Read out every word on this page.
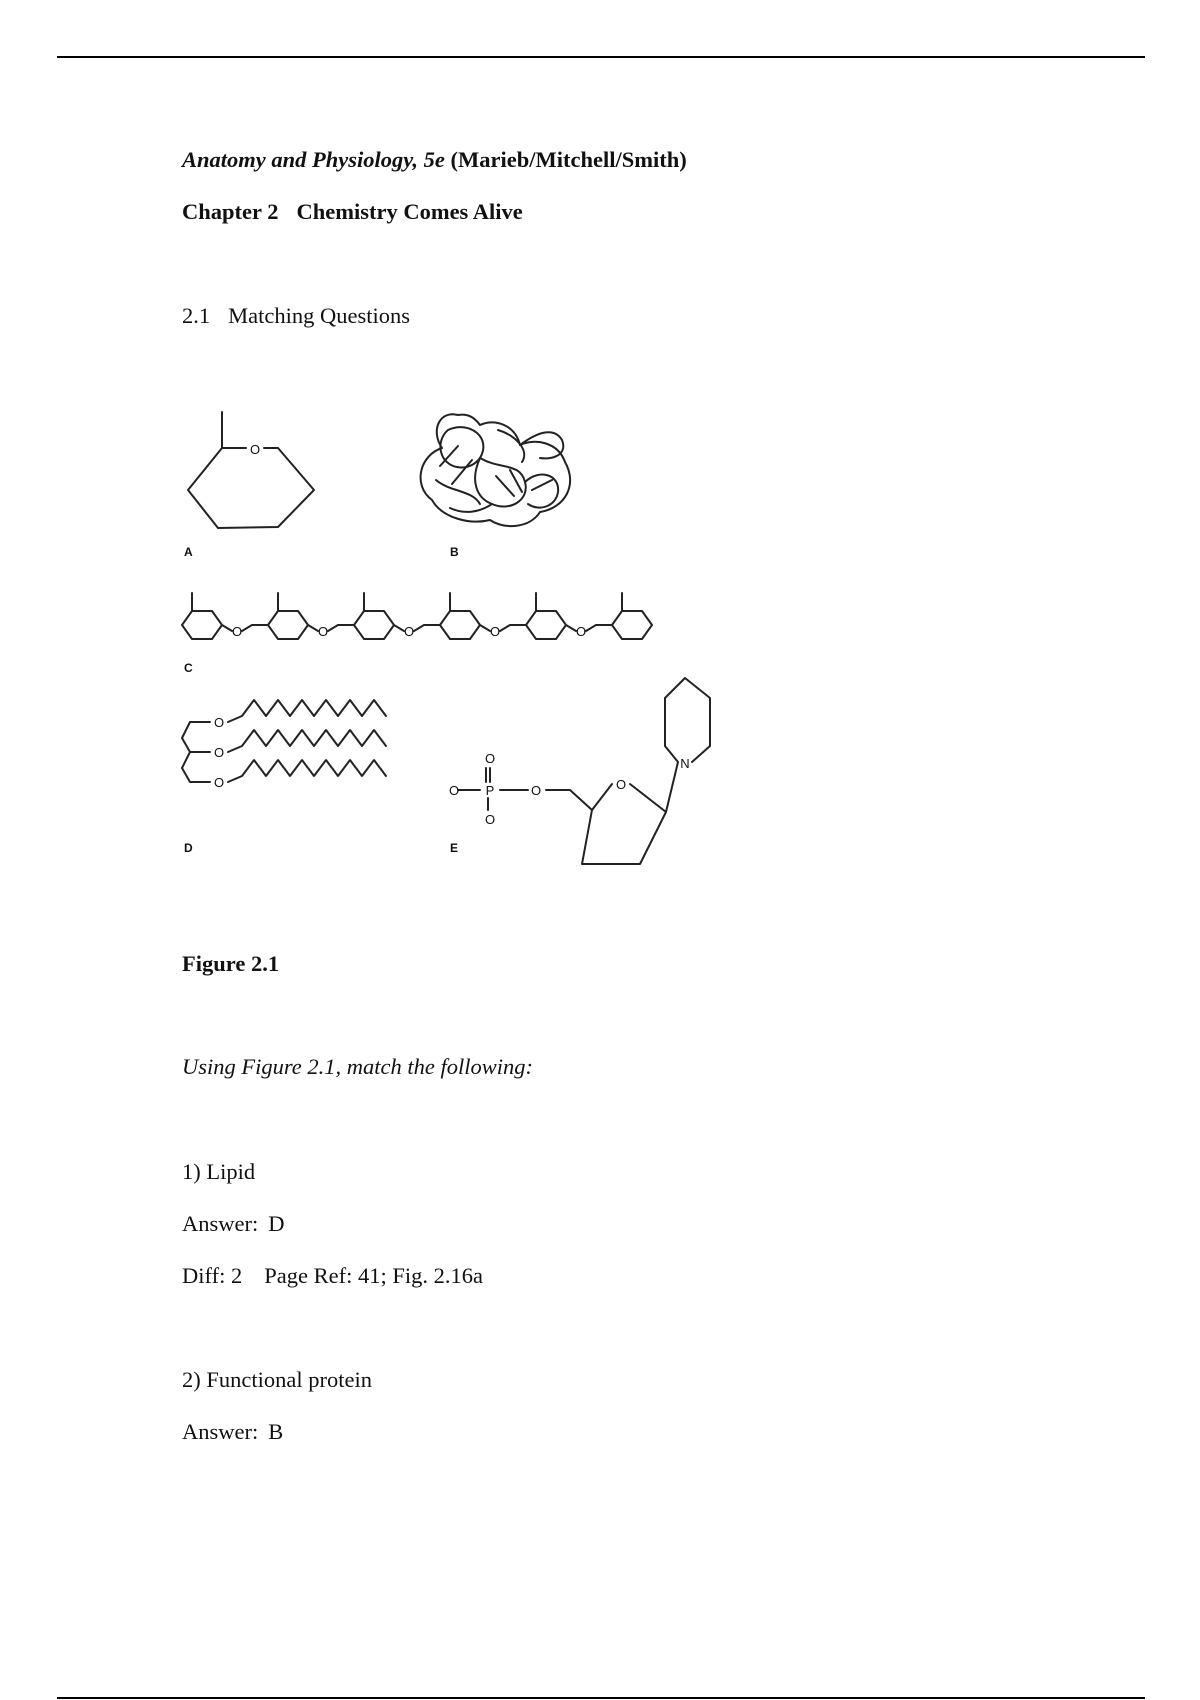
Anatomy and Physiology, 5e (Marieb/Mitchell/Smith)
Chapter 2 Chemistry Comes Alive
2.1 Matching Questions
O
A	B
O	O	O	O	O
C
O
O
O
D
O P
O
O
O	O
N
E
Figure 2.1
Using Figure 2.1, match the following:
1) Lipid
Answer: D
Diff: 2 Page Ref: 41; Fig. 2.16a
2) Functional protein
Answer: B
